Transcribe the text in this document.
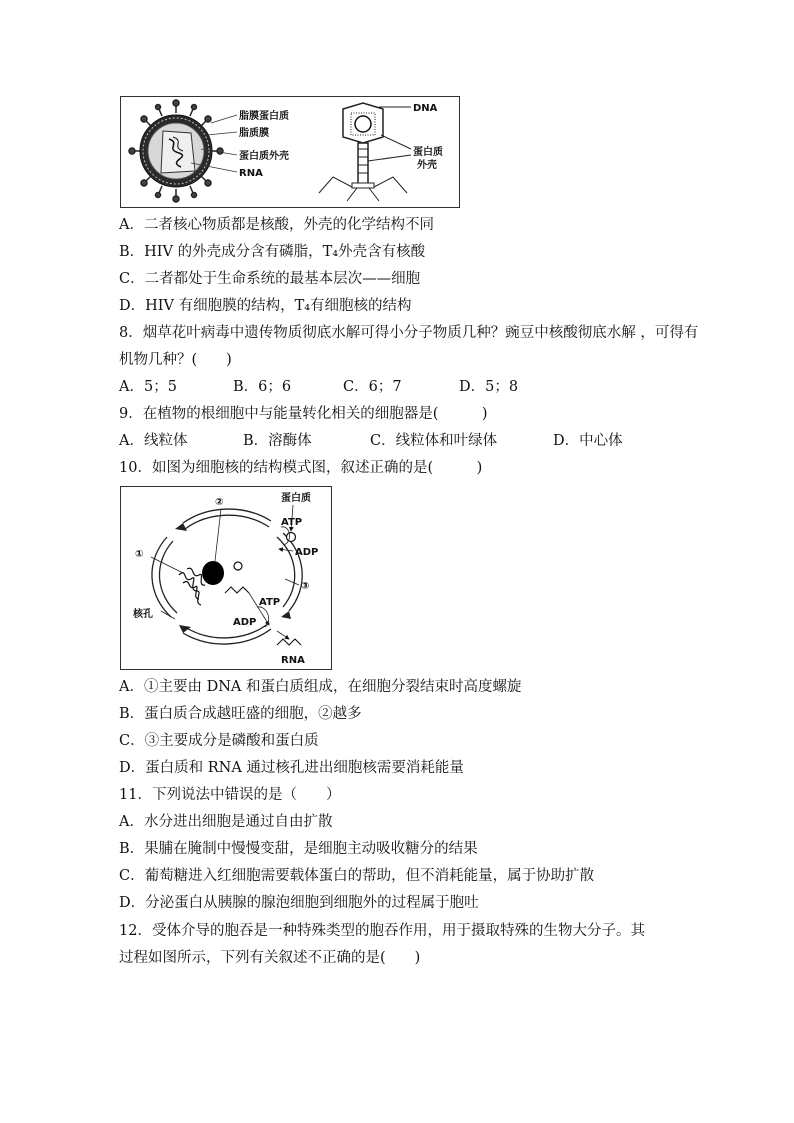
脂膜蛋白质
脂质膜
蛋白质外壳
RNA
DNA
蛋白质
外壳
A．二者核心物质都是核酸，外壳的化学结构不同
B．HIV 的外壳成分含有磷脂，T₄外壳含有核酸
C．二者都处于生命系统的最基本层次——细胞
D．HIV 有细胞膜的结构，T₄有细胞核的结构
8．烟草花叶病毒中遗传物质彻底水解可得小分子物质几种？豌豆中核酸彻底水解 ，可得有
机物几种？(　　)
A．5；5	B．6；6	C．6；7	D．5；8
9．在植物的根细胞中与能量转化相关的细胞器是(　　　)
A．线粒体	B．溶酶体	C．线粒体和叶绿体	D．中心体
10．如图为细胞核的结构模式图，叙述正确的是(　　　)
②
①
蛋白质
ATP
ADP
③
核孔
ATP
ADP
RNA
A．①主要由 DNA 和蛋白质组成，在细胞分裂结束时高度螺旋
B．蛋白质合成越旺盛的细胞，②越多
C．③主要成分是磷酸和蛋白质
D．蛋白质和 RNA 通过核孔进出细胞核需要消耗能量
11．下列说法中错误的是（　　）
A．水分进出细胞是通过自由扩散
B．果脯在腌制中慢慢变甜，是细胞主动吸收糖分的结果
C．葡萄糖进入红细胞需要载体蛋白的帮助，但不消耗能量，属于协助扩散
D．分泌蛋白从胰腺的腺泡细胞到细胞外的过程属于胞吐
12．受体介导的胞吞是一种特殊类型的胞吞作用，用于摄取特殊的生物大分子。其
过程如图所示，下列有关叙述不正确的是(　　)
